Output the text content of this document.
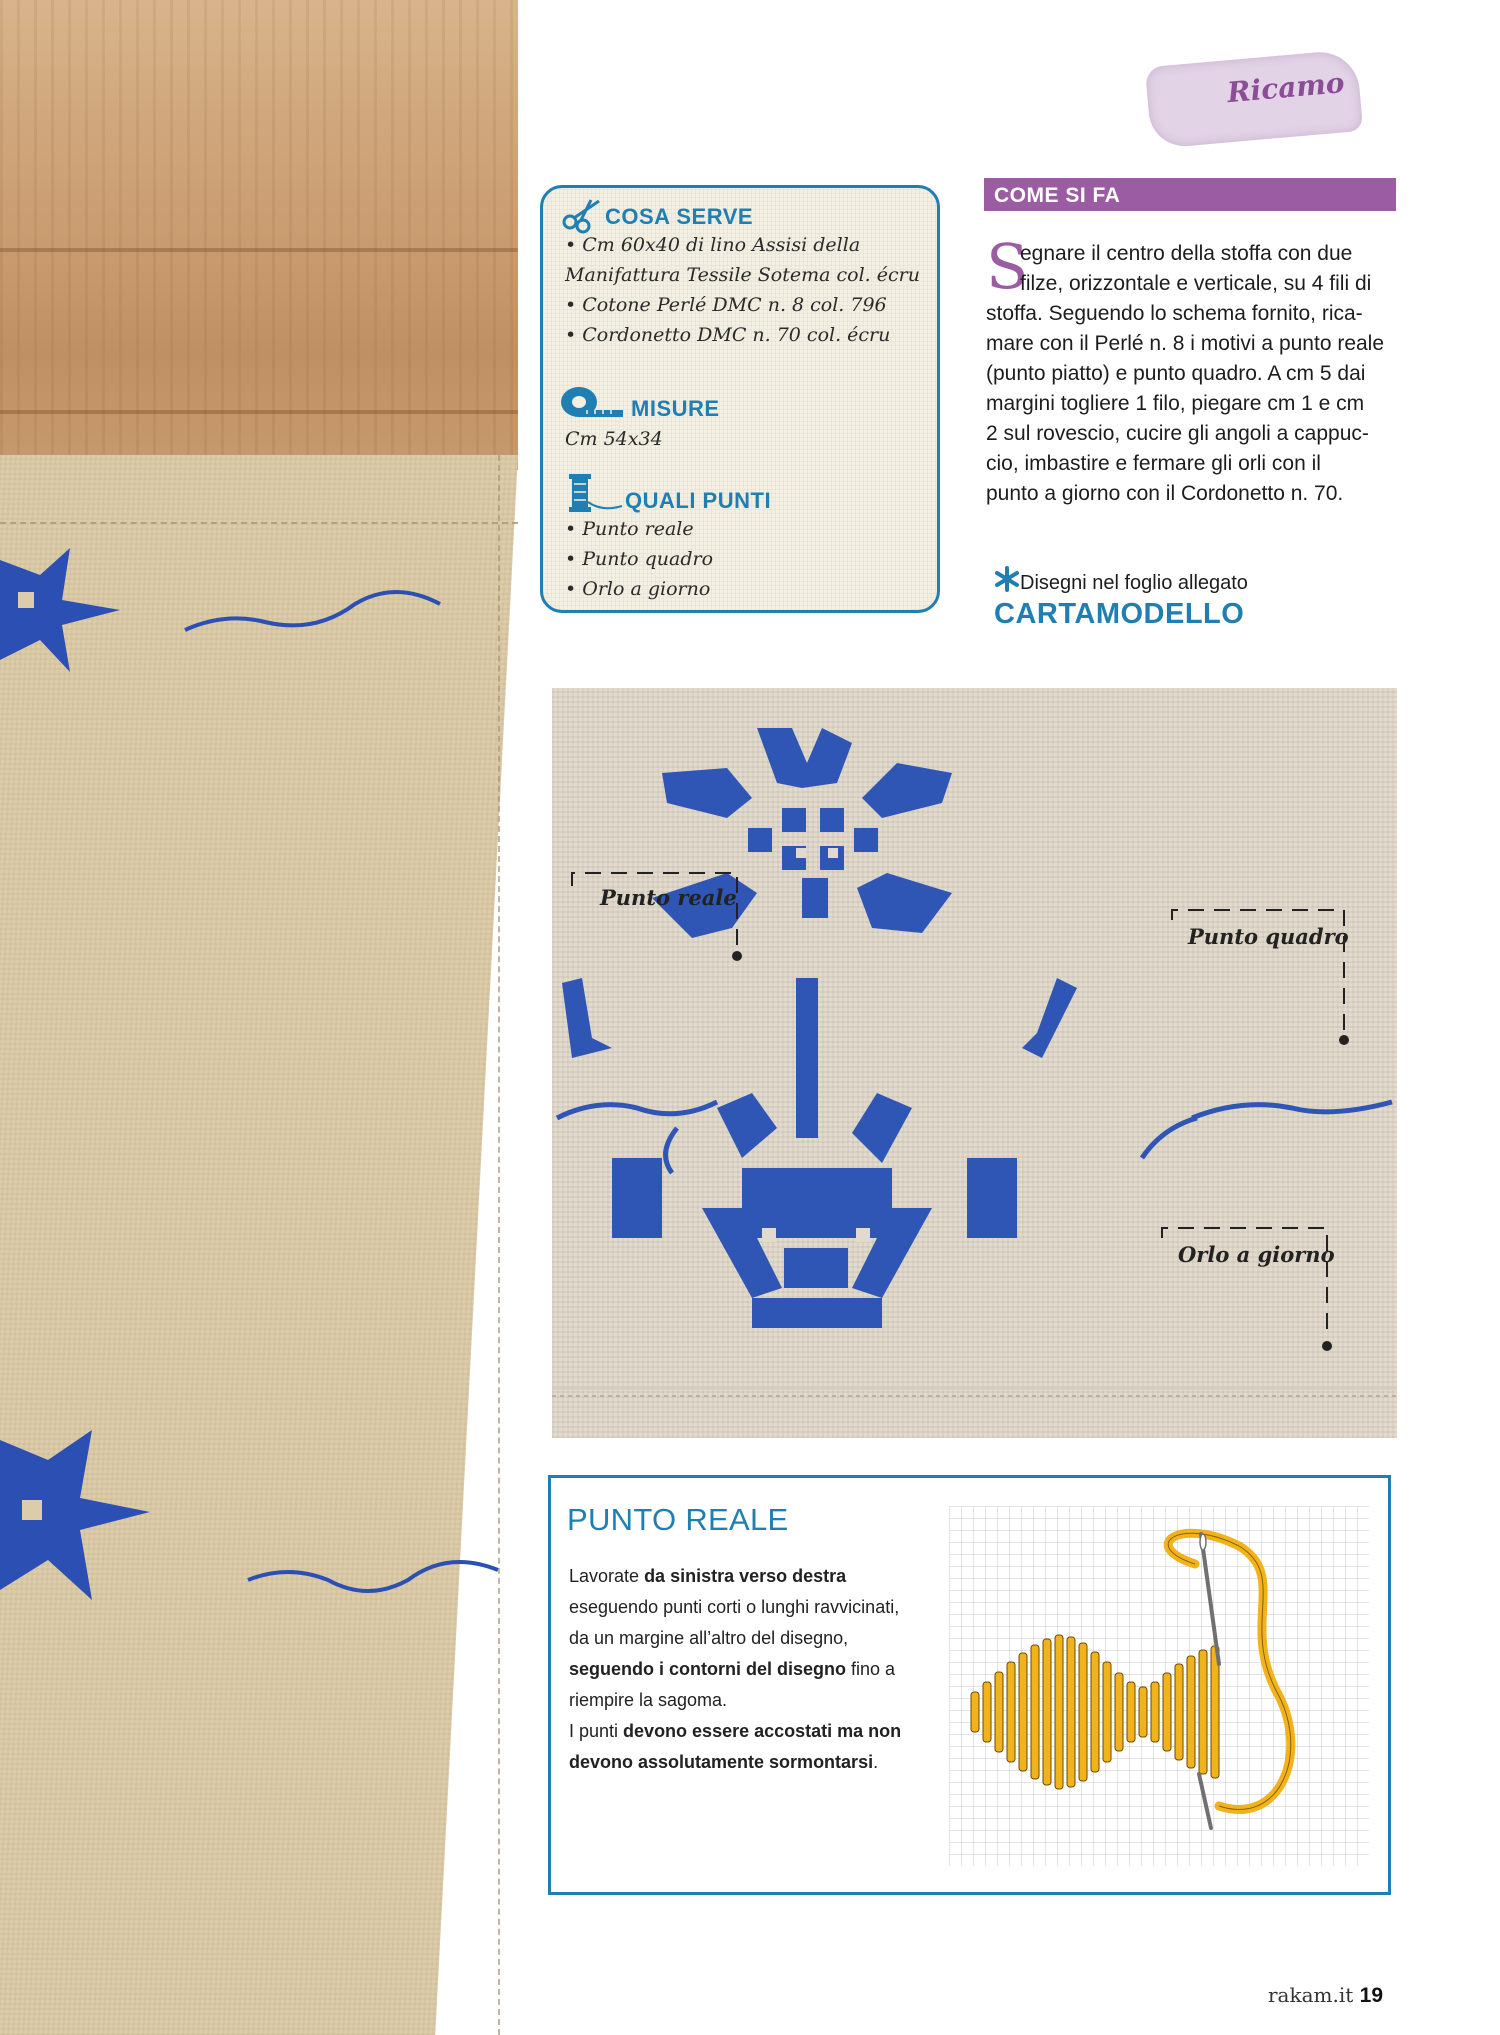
Ricamo
COSA SERVE
• Cm 60x40 di lino Assisi della
Manifattura Tessile Sotema col. écru
• Cotone Perlé DMC n. 8 col. 796
• Cordonetto DMC n. 70 col. écru
MISURE
Cm 54x34
QUALI PUNTI
• Punto reale
• Punto quadro
• Orlo a giorno
COME SI FA
S
egnare il centro della stoffa con due
filze, orizzontale e verticale, su 4 fili di
stoffa. Seguendo lo schema fornito, rica-
mare con il Perlé n. 8 i motivi a punto reale
(punto piatto) e punto quadro. A cm 5 dai
margini togliere 1 filo, piegare cm 1 e cm
2 sul rovescio, cucire gli angoli a cappuc-
cio, imbastire e fermare gli orli con il
punto a giorno con il Cordonetto n. 70.
Disegni nel foglio allegato
CARTAMODELLO
Punto reale
Punto quadro
Orlo a giorno
PUNTO REALE
Lavorate da sinistra verso destra
eseguendo punti corti o lunghi ravvicinati,
da un margine all’altro del disegno,
seguendo i contorni del disegno fino a
riempire la sagoma.
I punti devono essere accostati ma non
devono assolutamente sormontarsi.
rakam.it 19
